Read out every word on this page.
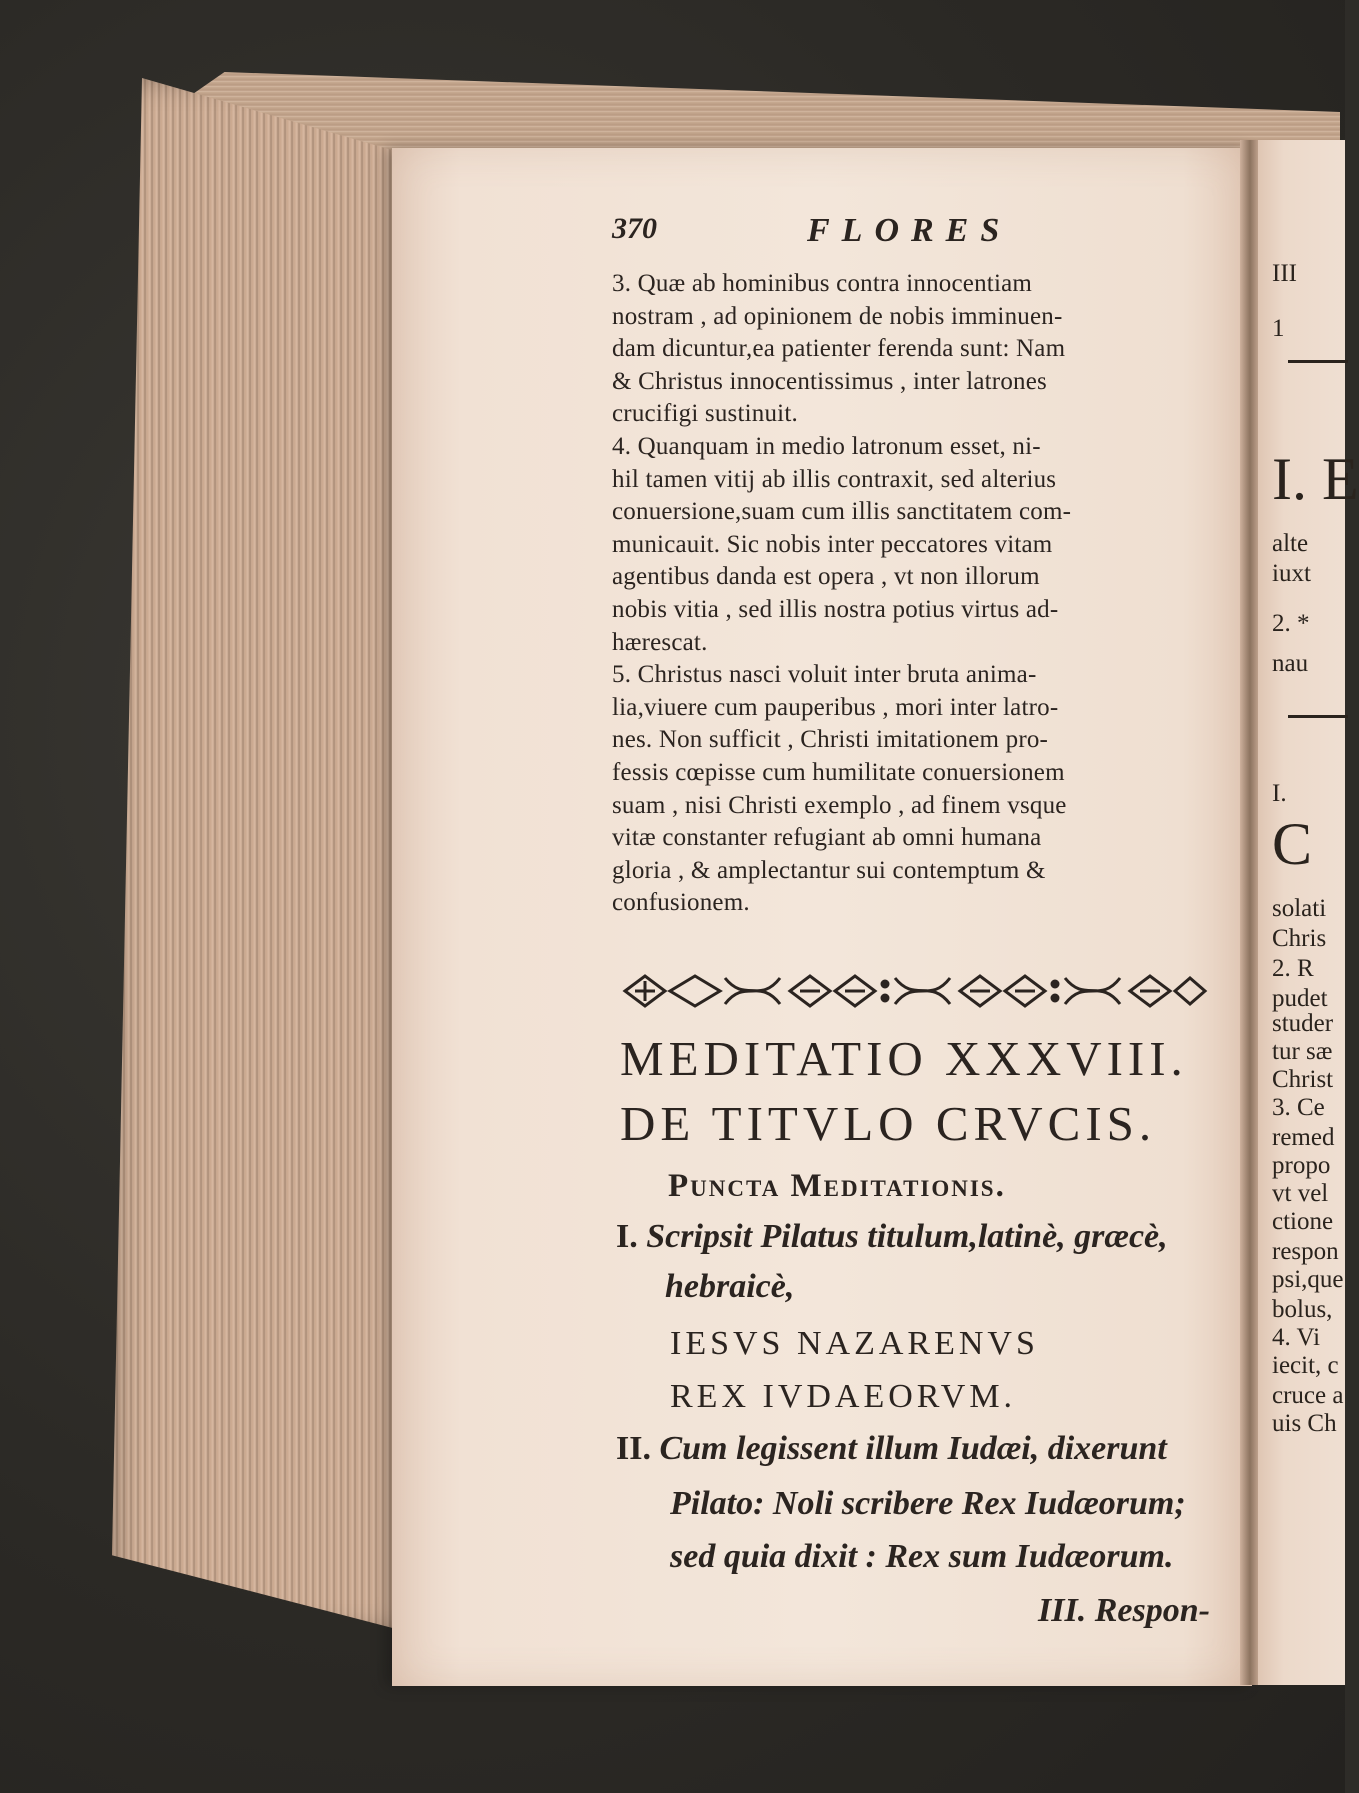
III
1
I. E
alte
iuxt
2. *
nau
I.
C
solati
Chris
2. R
pudet
studer
tur sæ
Christ
3. Ce
remed
propo
vt vel
ctione
respon
psi,que
bolus,
4. Vi
iecit, c
cruce a
uis Ch
370	FLORES
3. Quæ ab hominibus contra innocentiam
nostram , ad opinionem de nobis imminuen-
dam dicuntur,ea patienter ferenda sunt: Nam
& Christus innocentissimus , inter latrones
crucifigi sustinuit.
4. Quanquam in medio latronum esset, ni-
hil tamen vitij ab illis contraxit, sed alterius
conuersione,suam cum illis sanctitatem com-
municauit. Sic nobis inter peccatores vitam
agentibus danda est opera , vt non illorum
nobis vitia , sed illis nostra potius virtus ad-
hærescat.
5. Christus nasci voluit inter bruta anima-
lia,viuere cum pauperibus , mori inter latro-
nes. Non sufficit , Christi imitationem pro-
fessis cœpisse cum humilitate conuersionem
suam , nisi Christi exemplo , ad finem vsque
vitæ constanter refugiant ab omni humana
gloria , & amplectantur sui contemptum &
confusionem.
MEDITATIO XXXVIII.
DE TITVLO CRVCIS.
Puncta Meditationis.
I. Scripsit Pilatus titulum,latinè, græcè,
hebraicè,
IESVS NAZARENVS
REX IVDAEORVM.
II. Cum legissent illum Iudæi, dixerunt
Pilato: Noli scribere Rex Iudæorum;
sed quia dixit : Rex sum Iudæorum.
III. Respon-
